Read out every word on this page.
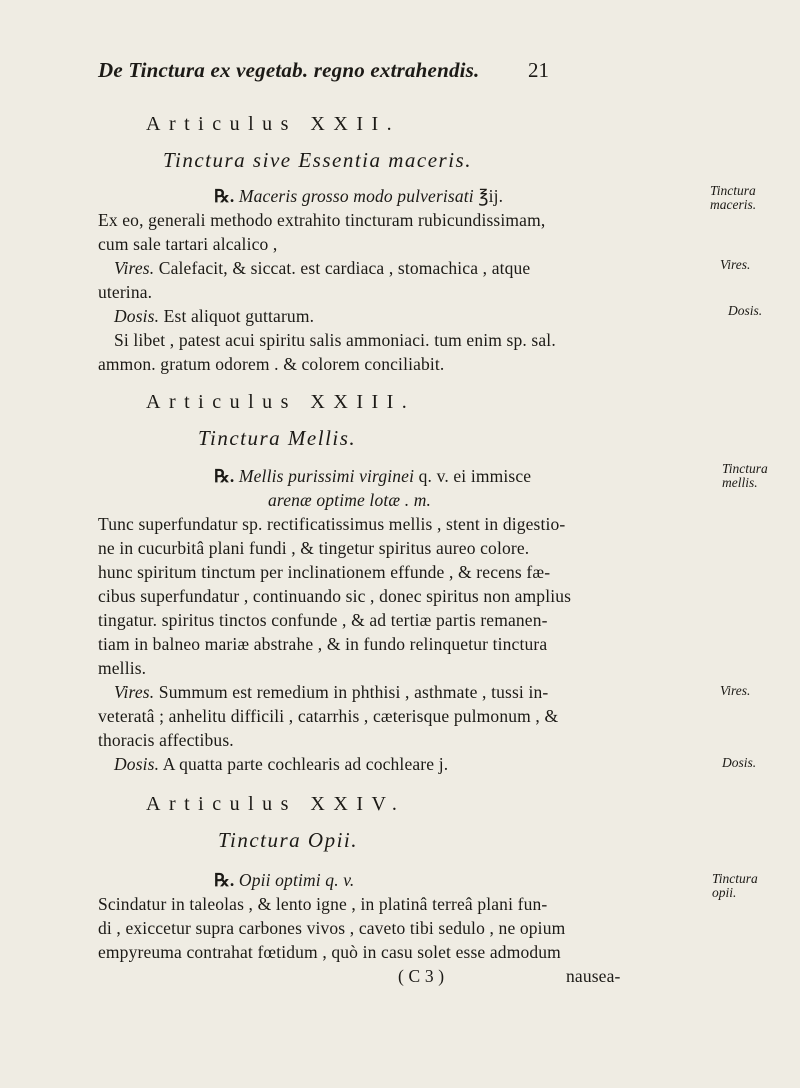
De Tinctura ex vegetab. regno extrahendis. 21
Articulus XXII.
Tinctura sive Essentia maceris.
℞. Maceris grosso modo pulverisati ℥ij.
Ex eo, generali methodo extrahito tincturam rubicundissimam,
cum sale tartari alcalico ,
Vires. Calefacit, & siccat. est cardiaca , stomachica , atque
uterina.
Dosis. Est aliquot guttarum.
Si libet , patest acui spiritu salis ammoniaci. tum enim sp. sal.
ammon. gratum odorem . & colorem conciliabit.
Tinctura maceris.
Vires.
Dosis.
Articulus XXIII.
Tinctura Mellis.
℞. Mellis purissimi virginei q. v. ei immisce
arenæ optime lotæ . m.
Tunc superfundatur sp. rectificatissimus mellis , stent in digestio-
ne in cucurbitâ plani fundi , & tingetur spiritus aureo colore.
hunc spiritum tinctum per inclinationem effunde , & recens fæ-
cibus superfundatur , continuando sic , donec spiritus non amplius
tingatur. spiritus tinctos confunde , & ad tertiæ partis remanen-
tiam in balneo mariæ abstrahe , & in fundo relinquetur tinctura
mellis.
Vires. Summum est remedium in phthisi , asthmate , tussi in-
veteratâ ; anhelitu difficili , catarrhis , cæterisque pulmonum , &
thoracis affectibus.
Dosis. A quatta parte cochlearis ad cochleare j.
Tinctura mellis.
Vires.
Dosis.
Articulus XXIV.
Tinctura Opii.
℞. Opii optimi q. v.
Scindatur in taleolas , & lento igne , in platinâ terreâ plani fun-
di , exiccetur supra carbones vivos , caveto tibi sedulo , ne opium
empyreuma contrahat fœtidum , quò in casu solet esse admodum
( C 3 )	nausea-
Tinctura opii.
